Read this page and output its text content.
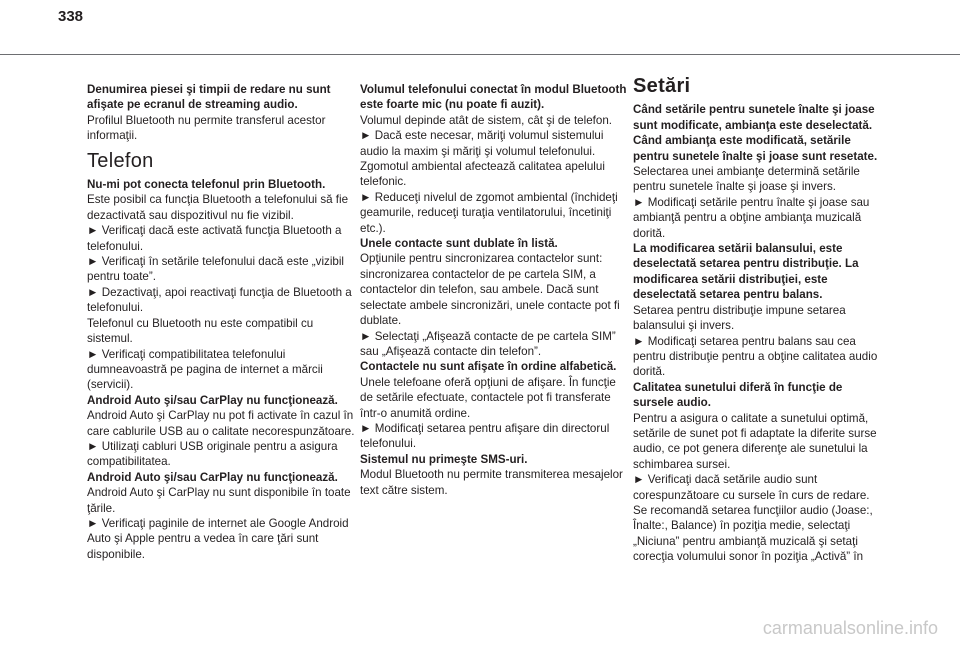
338

Denumirea piesei şi timpii de redare nu sunt afişate pe ecranul de streaming audio.

Profilul Bluetooth nu permite transferul acestor informaţii.

Telefon

Nu-mi pot conecta telefonul prin Bluetooth.

Este posibil ca funcţia Bluetooth a telefonului să fie dezactivată sau dispozitivul nu fie vizibil.

► Verificaţi dacă este activată funcţia Bluetooth a telefonului.

► Verificaţi în setările telefonului dacă este „vizibil pentru toate”.

► Dezactivaţi, apoi reactivaţi funcţia de Bluetooth a telefonului.

Telefonul cu Bluetooth nu este compatibil cu sistemul.

► Verificaţi compatibilitatea telefonului dumneavoastră pe pagina de internet a mărcii (servicii).

Android Auto şi/sau CarPlay nu funcţionează.

Android Auto şi CarPlay nu pot fi activate în cazul în care cablurile USB au o calitate necorespunzătoare.

► Utilizaţi cabluri USB originale pentru a asigura compatibilitatea.

Android Auto şi/sau CarPlay nu funcţionează.

Android Auto şi CarPlay nu sunt disponibile în toate ţările.

► Verificaţi paginile de internet ale Google Android Auto şi Apple pentru a vedea în care ţări sunt disponibile.

Volumul telefonului conectat în modul Bluetooth este foarte mic (nu poate fi auzit).

Volumul depinde atât de sistem, cât şi de telefon.

► Dacă este necesar, măriţi volumul sistemului audio la maxim şi măriţi şi volumul telefonului.

Zgomotul ambiental afectează calitatea apelului telefonic.

► Reduceţi nivelul de zgomot ambiental (închideţi geamurile, reduceţi turaţia ventilatorului, încetiniţi etc.).

Unele contacte sunt dublate în listă.

Opţiunile pentru sincronizarea contactelor sunt: sincronizarea contactelor de pe cartela SIM, a contactelor din telefon, sau ambele. Dacă sunt selectate ambele sincronizări, unele contacte pot fi dublate.

► Selectaţi „Afişează contacte de pe cartela SIM” sau „Afişează contacte din telefon”.

Contactele nu sunt afişate în ordine alfabetică.

Unele telefoane oferă opţiuni de afişare. În funcţie de setările efectuate, contactele pot fi transferate într-o anumită ordine.

► Modificaţi setarea pentru afişare din directorul telefonului.

Sistemul nu primeşte SMS-uri.

Modul Bluetooth nu permite transmiterea mesajelor text către sistem.

Setări

Când setările pentru sunetele înalte şi joase sunt modificate, ambianţa este deselectată. Când ambianţa este modificată, setările pentru sunetele înalte şi joase sunt resetate.

Selectarea unei ambianţe determină setările pentru sunetele înalte şi joase şi invers.

► Modificaţi setările pentru înalte şi joase sau ambianţă pentru a obţine ambianţa muzicală dorită.

La modificarea setării balansului, este deselectată setarea pentru distribuţie. La modificarea setării distribuţiei, este deselectată setarea pentru balans.

Setarea pentru distribuţie impune setarea balansului şi invers.

► Modificaţi setarea pentru balans sau cea pentru distribuţie pentru a obţine calitatea audio dorită.

Calitatea sunetului diferă în funcţie de sursele audio.

Pentru a asigura o calitate a sunetului optimă, setările de sunet pot fi adaptate la diferite surse audio, ce pot genera diferenţe ale sunetului la schimbarea sursei.

► Verificaţi dacă setările audio sunt corespunzătoare cu sursele în curs de redare. Se recomandă setarea funcţiilor audio (Joase:, Înalte:, Balance) în poziţia medie, selectaţi „Niciuna” pentru ambianţă muzicală şi setaţi corecţia volumului sonor în poziţia „Activă” în

carmanualsonline.info
